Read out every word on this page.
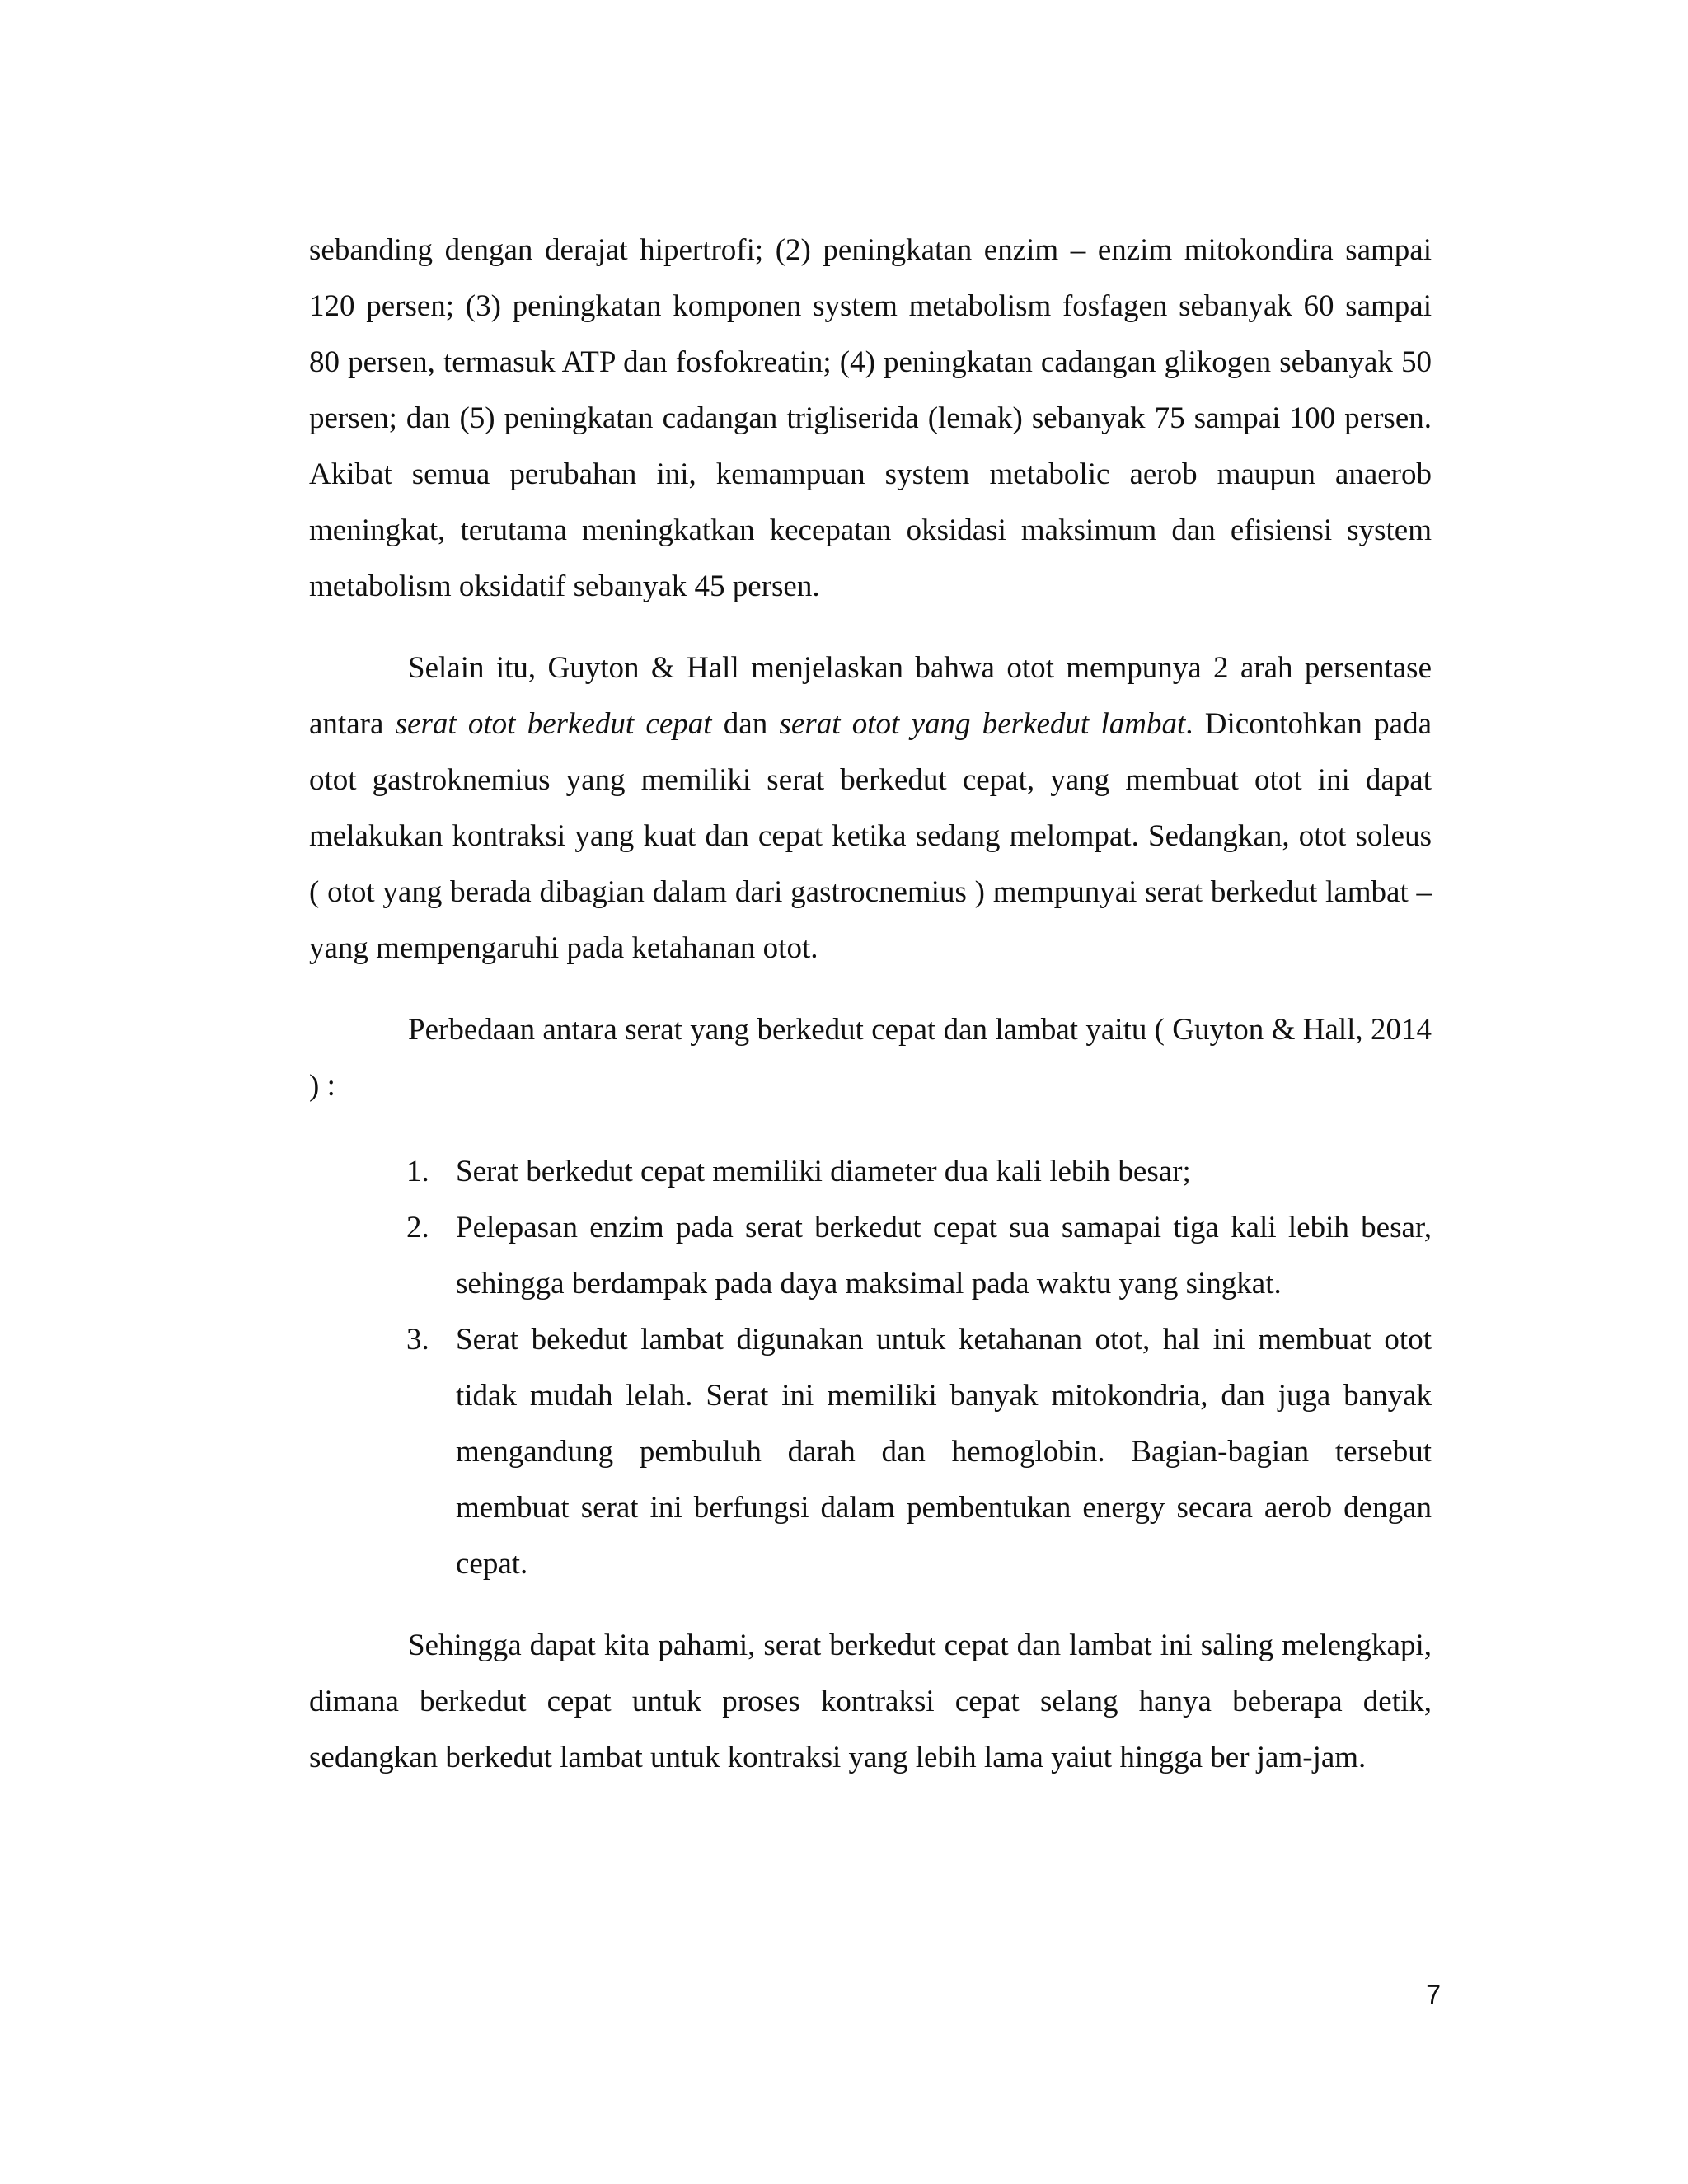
sebanding dengan derajat hipertrofi; (2) peningkatan enzim – enzim mitokondira sampai 120 persen; (3) peningkatan komponen system metabolism fosfagen sebanyak 60 sampai 80 persen, termasuk ATP dan fosfokreatin; (4) peningkatan cadangan glikogen sebanyak 50 persen; dan (5) peningkatan cadangan trigliserida (lemak) sebanyak 75 sampai 100 persen. Akibat semua perubahan ini, kemampuan system metabolic aerob maupun anaerob meningkat, terutama meningkatkan kecepatan oksidasi maksimum dan efisiensi system metabolism oksidatif sebanyak 45 persen.

Selain itu, Guyton & Hall menjelaskan bahwa otot mempunya 2 arah persentase antara serat otot berkedut cepat dan serat otot yang berkedut lambat. Dicontohkan pada otot gastroknemius yang memiliki serat berkedut cepat, yang membuat otot ini dapat melakukan kontraksi yang kuat dan cepat ketika sedang melompat. Sedangkan, otot soleus ( otot yang berada dibagian dalam dari gastrocnemius ) mempunyai serat berkedut lambat – yang mempengaruhi pada ketahanan otot.

Perbedaan antara serat yang berkedut cepat dan lambat yaitu ( Guyton & Hall, 2014 ) :

1. Serat berkedut cepat memiliki diameter dua kali lebih besar;
2. Pelepasan enzim pada serat berkedut cepat sua samapai tiga kali lebih besar, sehingga berdampak pada daya maksimal pada waktu yang singkat.
3. Serat bekedut lambat digunakan untuk ketahanan otot, hal ini membuat otot tidak mudah lelah. Serat ini memiliki banyak mitokondria, dan juga banyak mengandung pembuluh darah dan hemoglobin. Bagian-bagian tersebut membuat serat ini berfungsi dalam pembentukan energy secara aerob dengan cepat.

Sehingga dapat kita pahami, serat berkedut cepat dan lambat ini saling melengkapi, dimana berkedut cepat untuk proses kontraksi cepat selang hanya beberapa detik, sedangkan berkedut lambat untuk kontraksi yang lebih lama yaiut hingga ber jam-jam.

7
